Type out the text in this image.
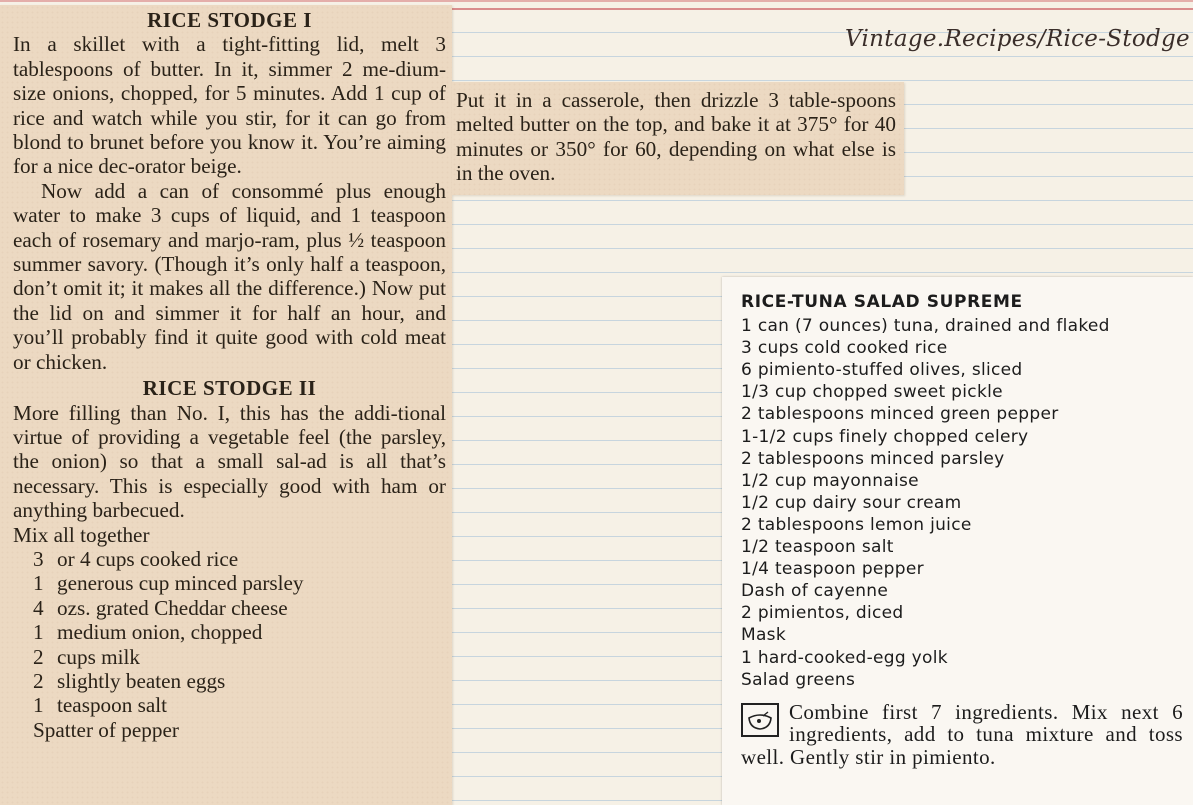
Vintage.Recipes/Rice-Stodge

RICE STODGE I

In a skillet with a tight-fitting lid, melt 3 tablespoons of butter. In it, simmer 2 me-dium-size onions, chopped, for 5 minutes. Add 1 cup of rice and watch while you stir, for it can go from blond to brunet before you know it. You’re aiming for a nice dec-orator beige.

Now add a can of consommé plus enough water to make 3 cups of liquid, and 1 teaspoon each of rosemary and marjo-ram, plus ½ teaspoon summer savory. (Though it’s only half a teaspoon, don’t omit it; it makes all the difference.) Now put the lid on and simmer it for half an hour, and you’ll probably find it quite good with cold meat or chicken.

RICE STODGE II

More filling than No. I, this has the addi-tional virtue of providing a vegetable feel (the parsley, the onion) so that a small sal-ad is all that’s necessary. This is especially good with ham or anything barbecued.

Mix all together

3 or 4 cups cooked rice
1 generous cup minced parsley
4 ozs. grated Cheddar cheese
1 medium onion, chopped
2 cups milk
2 slightly beaten eggs
1 teaspoon salt
Spatter of pepper

Put it in a casserole, then drizzle 3 table-spoons melted butter on the top, and bake it at 375° for 40 minutes or 350° for 60, depending on what else is in the oven.

RICE-TUNA SALAD SUPREME

1 can (7 ounces) tuna, drained and flaked
3 cups cold cooked rice
6 pimiento-stuffed olives, sliced
1/3 cup chopped sweet pickle
2 tablespoons minced green pepper
1-1/2 cups finely chopped celery
2 tablespoons minced parsley
1/2 cup mayonnaise
1/2 cup dairy sour cream
2 tablespoons lemon juice
1/2 teaspoon salt
1/4 teaspoon pepper
Dash of cayenne
2 pimientos, diced
Mask
1 hard-cooked-egg yolk
Salad greens
Combine first 7 ingredients. Mix next 6 ingredients, add to tuna mixture and toss well. Gently stir in pimiento.
